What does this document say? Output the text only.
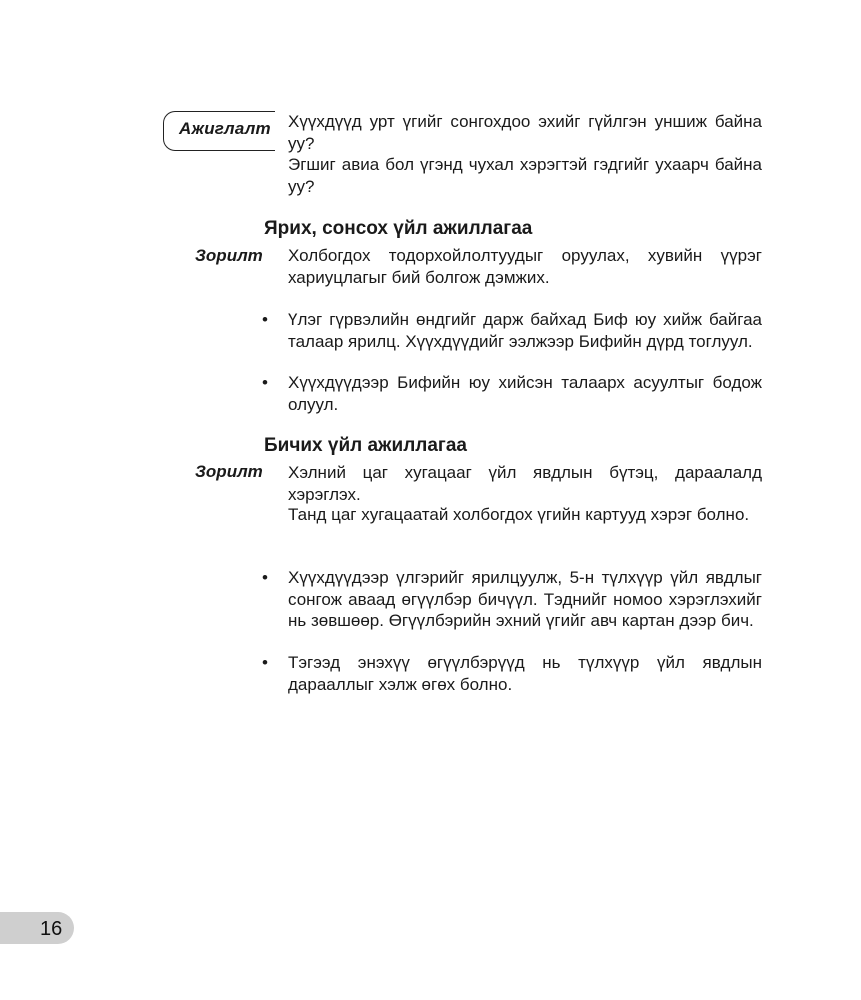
Ажиглалт Хүүхдүүд урт үгийг сонгохдоо эхийг гүйлгэн уншиж байна уу?

Эгшиг авиа бол үгэнд чухал хэрэгтэй гэдгийг ухаарч байна уу?

Ярих, сонсох үйл ажиллагаа
Зорилт Холбогдох тодорхойлолтуудыг оруулах, хувийн үүрэг хариуцлагыг бий болгож дэмжих.

• Үлэг гүрвэлийн өндгийг дарж байхад Биф юу хийж байгаа талаар ярилц. Хүүхдүүдийг ээлжээр Бифийн дүрд тоглуул.

• Хүүхдүүдээр Бифийн юу хийсэн талаарх асуултыг бодож олуул.

Бичих үйл ажиллагаа
Зорилт Хэлний цаг хугацааг үйл явдлын бүтэц, дараалалд хэрэглэх.

Танд цаг хугацаатай холбогдох үгийн картууд хэрэг болно.

• Хүүхдүүдээр үлгэрийг ярилцуулж, 5-н түлхүүр үйл явдлыг сонгож аваад өгүүлбэр бичүүл. Тэднийг номоо хэрэглэхийг нь зөвшөөр. Өгүүлбэрийн эхний үгийг авч картан дээр бич.

• Тэгээд энэхүү өгүүлбэрүүд нь түлхүүр үйл явдлын дарааллыг хэлж өгөх болно.

16
